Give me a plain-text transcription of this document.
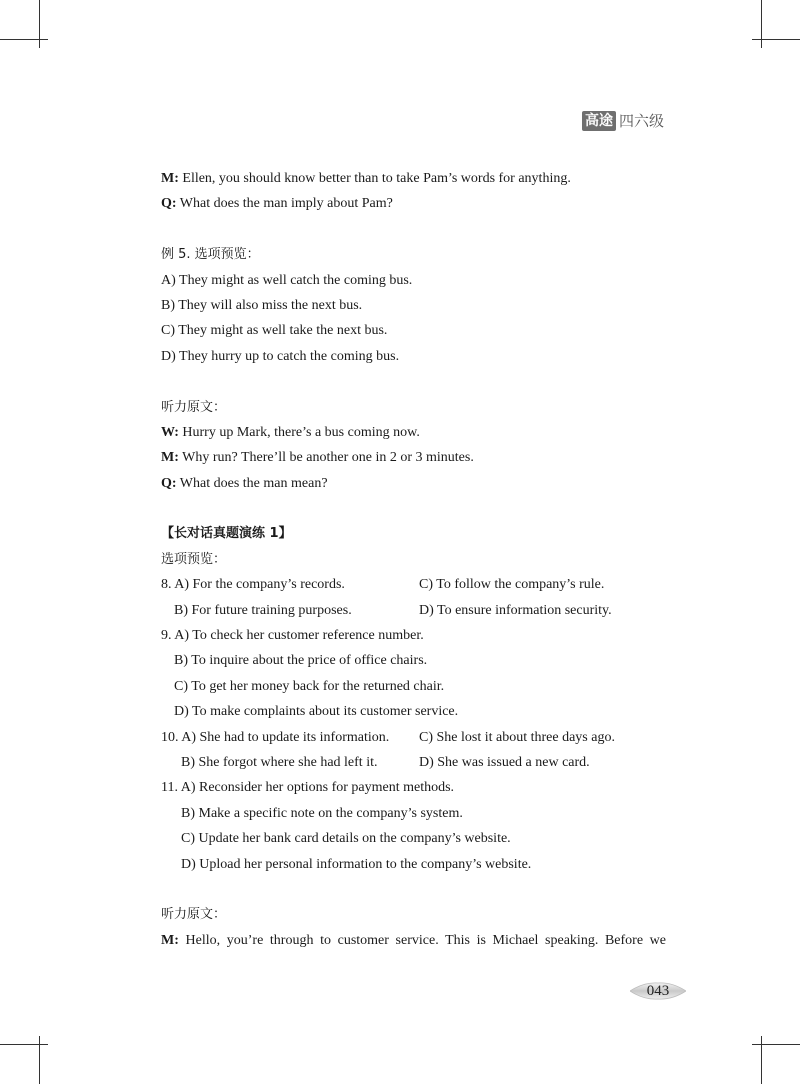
高途 四六级
M: Ellen, you should know better than to take Pam’s words for anything.
Q: What does the man imply about Pam?
例 5. 选项预览：
A) They might as well catch the coming bus.
B) They will also miss the next bus.
C) They might as well take the next bus.
D) They hurry up to catch the coming bus.
听力原文：
W: Hurry up Mark, there’s a bus coming now.
M: Why run? There’ll be another one in 2 or 3 minutes.
Q: What does the man mean?
【长对话真题演练 1】
选项预览：
8. A) For the company’s records.	C) To follow the company’s rule.
B) For future training purposes.	D) To ensure information security.
9. A) To check her customer reference number.
B) To inquire about the price of office chairs.
C) To get her money back for the returned chair.
D) To make complaints about its customer service.
10. A) She had to update its information.	C) She lost it about three days ago.
B) She forgot where she had left it.	D) She was issued a new card.
11. A) Reconsider her options for payment methods.
B) Make a specific note on the company’s system.
C) Update her bank card details on the company’s website.
D) Upload her personal information to the company’s website.
听力原文：
M: Hello, you’re through to customer service. This is Michael speaking. Before we
043
